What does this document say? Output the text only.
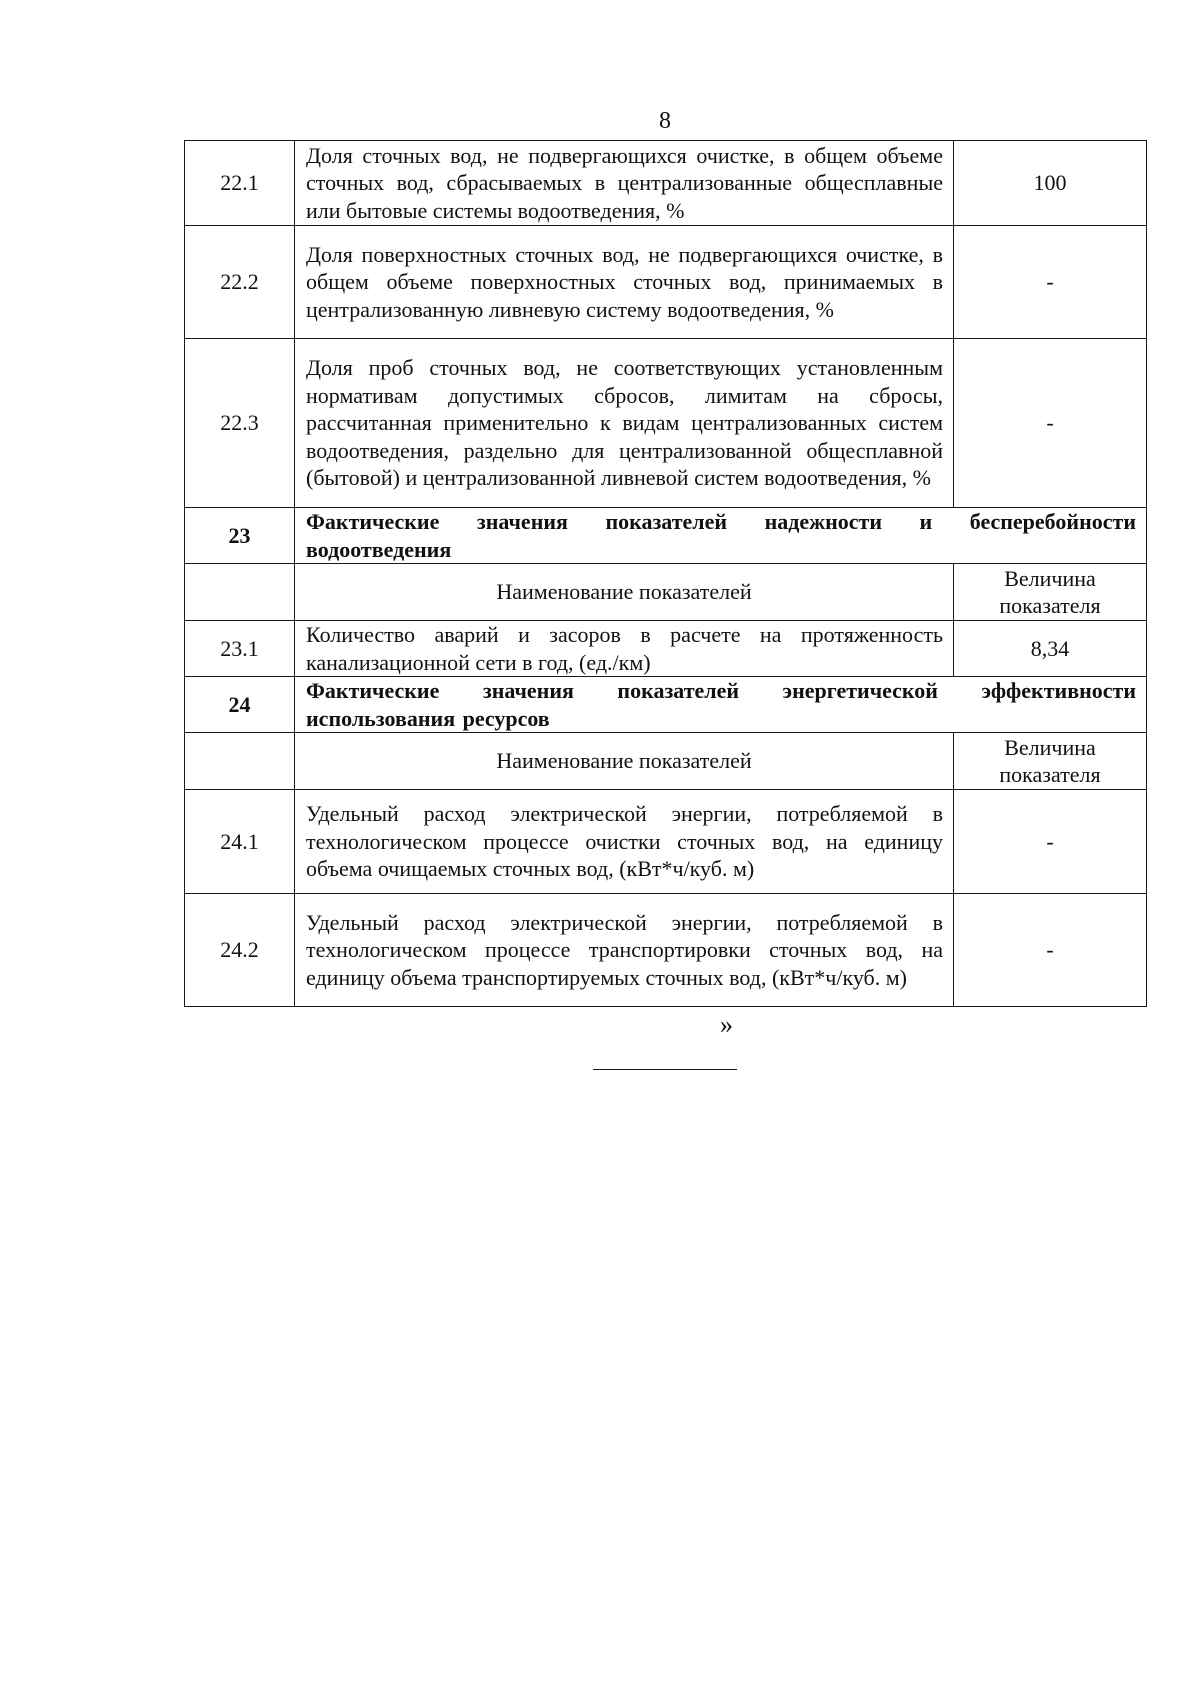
8
22.1	Доля сточных вод, не подвергающихся очистке, в общем объеме сточных вод, сбрасываемых в централизованные общесплавные или бытовые системы водоотведения, %	100
22.2	Доля поверхностных сточных вод, не подвергающихся очистке, в общем объеме поверхностных сточных вод, принимаемых в централизованную ливневую систему водоотведения, %	-
22.3	Доля проб сточных вод, не соответствующих установленным нормативам допустимых сбросов, лимитам на сбросы, рассчитанная применительно к видам централизованных систем водоотведения, раздельно для централизованной общесплавной (бытовой) и централизованной ливневой систем водоотведения, %	-
23	Фактические значения показателей надежности и бесперебойности водоотведения	
	Наименование показателей	Величина показателя
23.1	Количество аварий и засоров в расчете на протяженность канализационной сети в год, (ед./км)	8,34
24	Фактические значения показателей энергетической эффективности использования ресурсов	
	Наименование показателей	Величина показателя
24.1	Удельный расход электрической энергии, потребляемой в технологическом процессе очистки сточных вод, на единицу объема очищаемых сточных вод, (кВт*ч/куб. м)	-
24.2	Удельный расход электрической энергии, потребляемой в технологическом процессе транспортировки сточных вод, на единицу объема транспортируемых сточных вод, (кВт*ч/куб. м)	-
»
